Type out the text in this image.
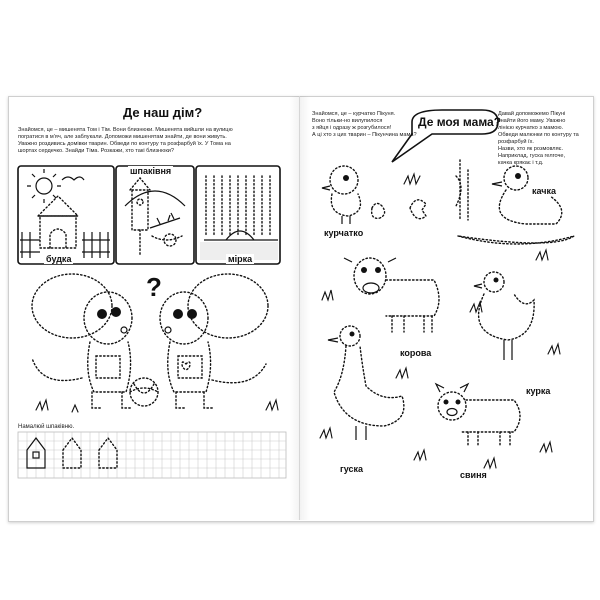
Де наш дім?
Знайомся, це – мишенята Том і Тім. Вони близнюки. Мишенята вийшли на вулицю
погратися в м'яч, але заблукали. Допоможи мишенятам знайти, де вони живуть.
Уважно роздивись домівки тварин. Обведи по контуру та розфарбуй їх. У Тома на
шортах сердечко. Знайди Тіма. Розкажи, хто такі близнюки?
будка
шпаківня
мірка
?
Намалюй шпаківню.
Знайомся, це – курчатко Пікуня.
Воно тільки-но вилупилося
з яйця і одразу ж розгубилося!
А ці хто з цих тварин – Пікунчина мама?
Де моя мама?
Давай допоможемо Пікуні
знайти його маму. Уважно
лінією курчатко з мамою.
Обведи малюнки по контуру та розфарбуй їх.
Назви, хто як розмовляє. Наприклад, гуска гелгоче,
качка крякає і т.д.
курчатко
качка
корова
курка
гуска
свиня
